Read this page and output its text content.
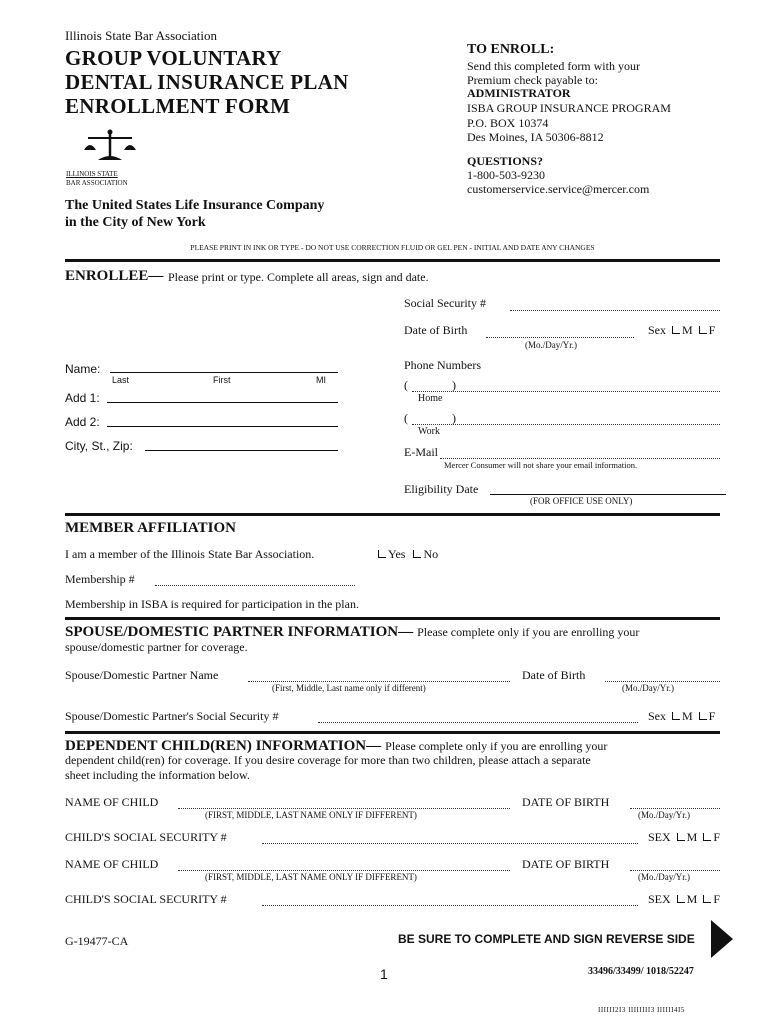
Illinois State Bar Association
GROUP VOLUNTARY
DENTAL INSURANCE PLAN
ENROLLMENT FORM
ILLINOIS STATE
BAR ASSOCIATION
The United States Life Insurance Company
in the City of New York
TO ENROLL:
Send this completed form with your
Premium check payable to:
ADMINISTRATOR
ISBA GROUP INSURANCE PROGRAM
P.O. BOX 10374
Des Moines, IA 50306-8812
QUESTIONS?
1-800-503-9230
customerservice.service@mercer.com
PLEASE PRINT IN INK OR TYPE - DO NOT USE CORRECTION FLUID OR GEL PEN - INITIAL AND DATE ANY CHANGES
ENROLLEE— Please print or type. Complete all areas, sign and date.
Social Security #
Date of Birth
(Mo./Day/Yr.)
Sex M F
Name:
Last	First	MI
Add 1:
Add 2:
City, St., Zip:
Phone Numbers
(	)
Home
(	)
Work
E-Mail
Mercer Consumer will not share your email information.
Eligibility Date
(FOR OFFICE USE ONLY)
MEMBER AFFILIATION
I am a member of the Illinois State Bar Association.	Yes No
Membership #
Membership in ISBA is required for participation in the plan.
SPOUSE/DOMESTIC PARTNER INFORMATION— Please complete only if you are enrolling your
spouse/domestic partner for coverage.
Spouse/Domestic Partner Name
(First, Middle, Last name only if different)
Date of Birth
(Mo./Day/Yr.)
Spouse/Domestic Partner's Social Security #	Sex M F
DEPENDENT CHILD(REN) INFORMATION— Please complete only if you are enrolling your
dependent child(ren) for coverage. If you desire coverage for more than two children, please attach a separate
sheet including the information below.
NAME OF CHILD
(FIRST, MIDDLE, LAST NAME ONLY IF DIFFERENT)
DATE OF BIRTH
(Mo./Day/Yr.)
CHILD'S SOCIAL SECURITY #	SEX M F
NAME OF CHILD
(FIRST, MIDDLE, LAST NAME ONLY IF DIFFERENT)
DATE OF BIRTH
(Mo./Day/Yr.)
CHILD'S SOCIAL SECURITY #	SEX M F
G-19477-CA	BE SURE TO COMPLETE AND SIGN REVERSE SIDE
1	33496/33499/ 1018/52247
IIIIII2I3 IIIIIIII3 IIIIII4I5
